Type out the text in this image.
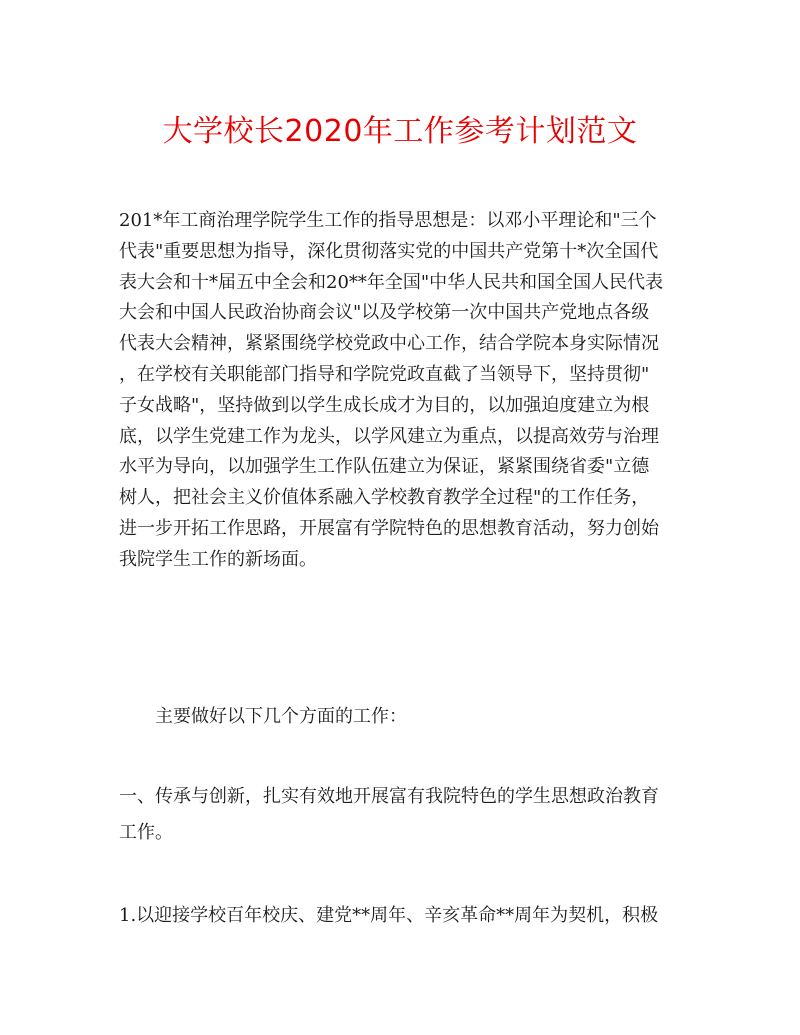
大学校长2020年工作参考计划范文
201*年工商治理学院学生工作的指导思想是：以邓小平理论和"三个
代表"重要思想为指导，深化贯彻落实党的中国共产党第十*次全国代
表大会和十*届五中全会和20**年全国"中华人民共和国全国人民代表
大会和中国人民政治协商会议"以及学校第一次中国共产党地点各级
代表大会精神，紧紧围绕学校党政中心工作，结合学院本身实际情况
，在学校有关职能部门指导和学院党政直截了当领导下，坚持贯彻"
子女战略"，坚持做到以学生成长成才为目的，以加强迫度建立为根
底，以学生党建工作为龙头，以学风建立为重点，以提高效劳与治理
水平为导向，以加强学生工作队伍建立为保证，紧紧围绕省委"立德
树人，把社会主义价值体系融入学校教育教学全过程"的工作任务，
进一步开拓工作思路，开展富有学院特色的思想教育活动，努力创始
我院学生工作的新场面。

主要做好以下几个方面的工作：

一、传承与创新，扎实有效地开展富有我院特色的学生思想政治教育
工作。

1.以迎接学校百年校庆、建党**周年、辛亥革命**周年为契机，积极
